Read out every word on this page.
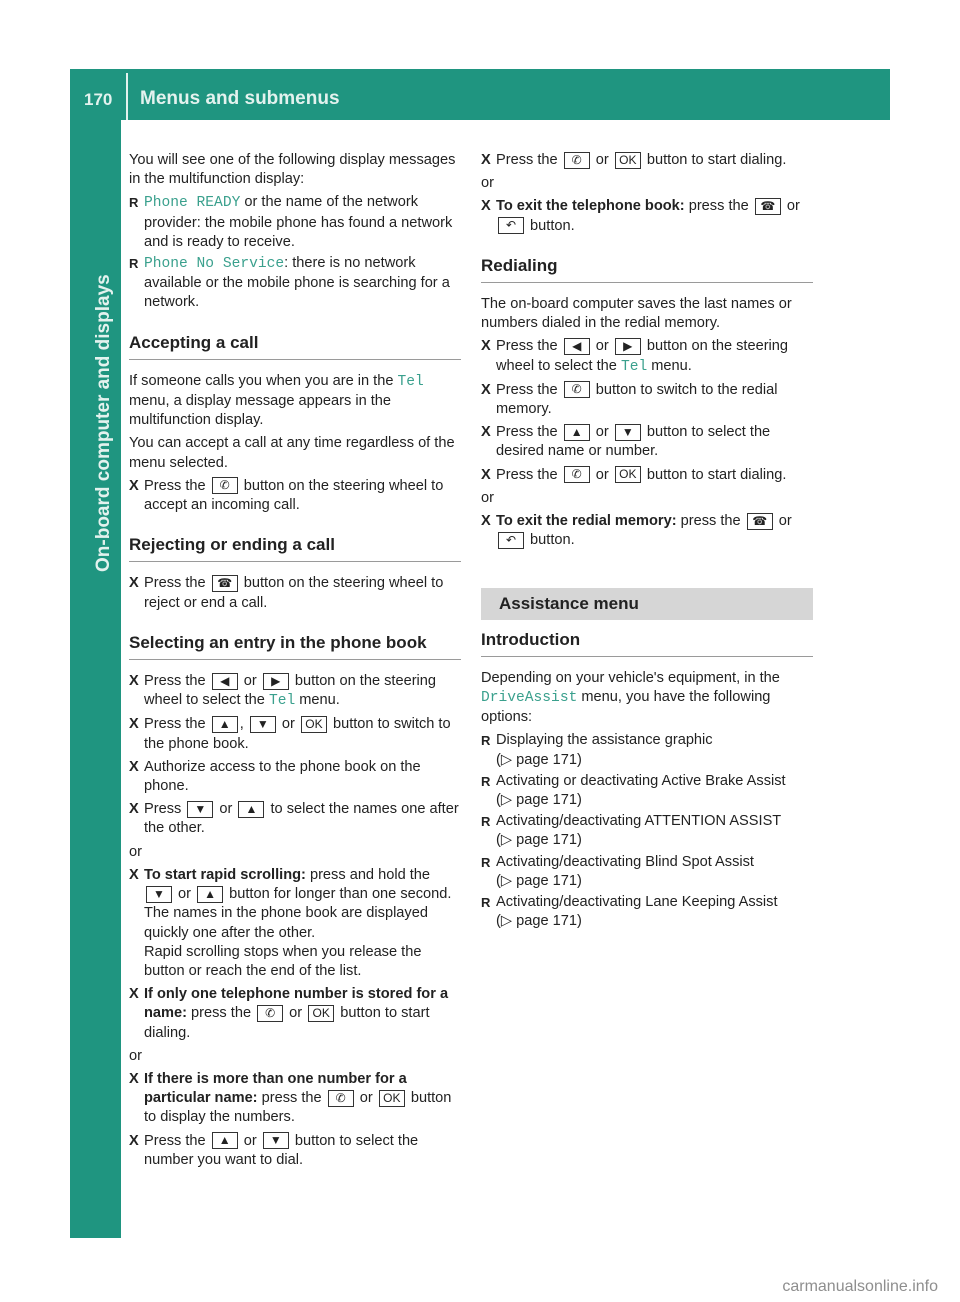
170 Menus and submenus
On-board computer and displays

You will see one of the following display messages in the multifunction display:

R Phone READY or the name of the network provider: the mobile phone has found a network and is ready to receive.
R Phone No Service: there is no network available or the mobile phone is searching for a network.
Accepting a call

If someone calls you when you are in the Tel menu, a display message appears in the multifunction display.

You can accept a call at any time regardless of the menu selected.

X Press the ✆ button on the steering wheel to accept an incoming call.
Rejecting or ending a call
X Press the ☎ button on the steering wheel to reject or end a call.
Selecting an entry in the phone book
X Press the ◀ or ▶ button on the steering wheel to select the Tel menu.
X Press the ▲ , ▼ or OK button to switch to the phone book.
X Authorize access to the phone book on the phone.
X Press ▼ or ▲ to select the names one after the other.

or

X To start rapid scrolling: press and hold the ▼ or ▲ button for longer than one second.
The names in the phone book are displayed quickly one after the other.
Rapid scrolling stops when you release the button or reach the end of the list.
X If only one telephone number is stored for a name: press the ✆ or OK button to start dialing.

or

X If there is more than one number for a particular name: press the ✆ or OK button to display the numbers.
X Press the ▲ or ▼ button to select the number you want to dial.
X Press the ✆ or OK button to start dialing.

or

X To exit the telephone book: press the ☎ or ↶ button.
Redialing

The on-board computer saves the last names or numbers dialed in the redial memory.

X Press the ◀ or ▶ button on the steering wheel to select the Tel menu.
X Press the ✆ button to switch to the redial memory.
X Press the ▲ or ▼ button to select the desired name or number.
X Press the ✆ or OK button to start dialing.

or

X To exit the redial memory: press the ☎ or ↶ button.
Assistance menu
Introduction

Depending on your vehicle's equipment, in the DriveAssist menu, you have the following options:

R Displaying the assistance graphic
(▷ page 171)
R Activating or deactivating Active Brake Assist
(▷ page 171)
R Activating/deactivating ATTENTION ASSIST
(▷ page 171)
R Activating/deactivating Blind Spot Assist
(▷ page 171)
R Activating/deactivating Lane Keeping Assist
(▷ page 171)
carmanualsonline.info
